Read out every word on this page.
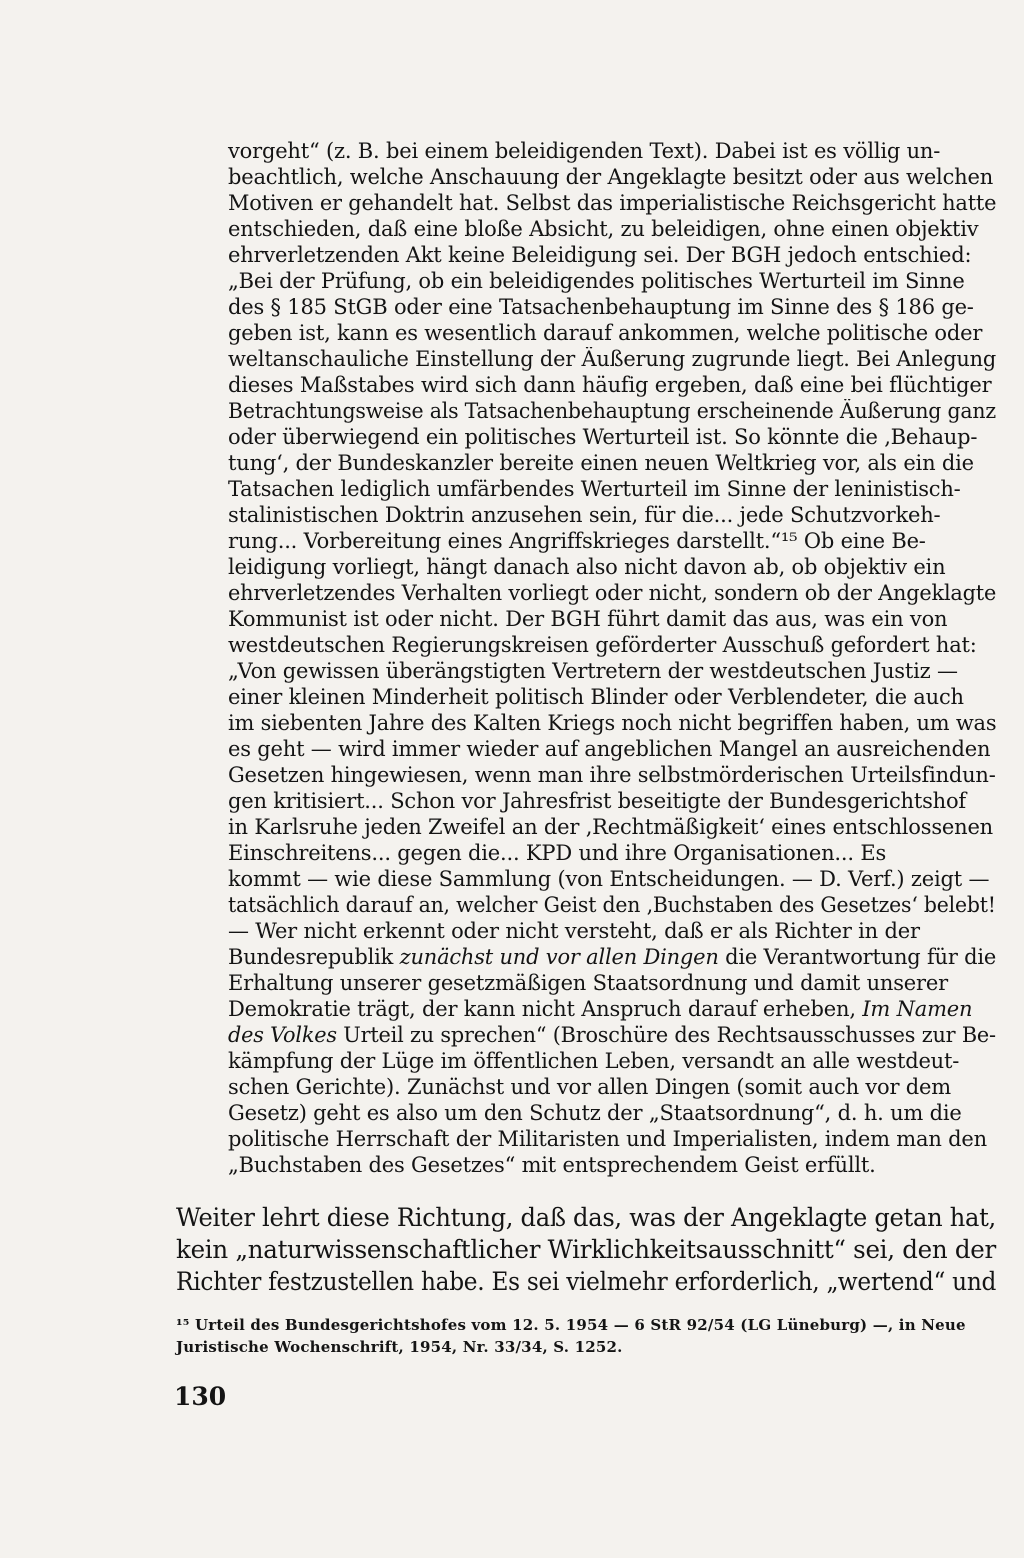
vorgeht“ (z. B. bei einem beleidigenden Text). Dabei ist es völlig un-
beachtlich, welche Anschauung der Angeklagte besitzt oder aus welchen
Motiven er gehandelt hat. Selbst das imperialistische Reichsgericht hatte
entschieden, daß eine bloße Absicht, zu beleidigen, ohne einen objektiv
ehrverletzenden Akt keine Beleidigung sei. Der BGH jedoch entschied:
„Bei der Prüfung, ob ein beleidigendes politisches Werturteil im Sinne
des § 185 StGB oder eine Tatsachenbehauptung im Sinne des § 186 ge-
geben ist, kann es wesentlich darauf ankommen, welche politische oder
weltanschauliche Einstellung der Äußerung zugrunde liegt. Bei Anlegung
dieses Maßstabes wird sich dann häufig ergeben, daß eine bei flüchtiger
Betrachtungsweise als Tatsachenbehauptung erscheinende Äußerung ganz
oder überwiegend ein politisches Werturteil ist. So könnte die ‚Behaup-
tung‘, der Bundeskanzler bereite einen neuen Weltkrieg vor, als ein die
Tatsachen lediglich umfärbendes Werturteil im Sinne der leninistisch-
stalinistischen Doktrin anzusehen sein, für die... jede Schutzvorkeh-
rung... Vorbereitung eines Angriffskrieges darstellt.“¹⁵ Ob eine Be-
leidigung vorliegt, hängt danach also nicht davon ab, ob objektiv ein
ehrverletzendes Verhalten vorliegt oder nicht, sondern ob der Angeklagte
Kommunist ist oder nicht. Der BGH führt damit das aus, was ein von
westdeutschen Regierungskreisen geförderter Ausschuß gefordert hat:
„Von gewissen überängstigten Vertretern der westdeutschen Justiz —
einer kleinen Minderheit politisch Blinder oder Verblendeter, die auch
im siebenten Jahre des Kalten Kriegs noch nicht begriffen haben, um was
es geht — wird immer wieder auf angeblichen Mangel an ausreichenden
Gesetzen hingewiesen, wenn man ihre selbstmörderischen Urteilsfindun-
gen kritisiert... Schon vor Jahresfrist beseitigte der Bundesgerichtshof
in Karlsruhe jeden Zweifel an der ‚Rechtmäßigkeit‘ eines entschlossenen
Einschreitens... gegen die... KPD und ihre Organisationen... Es
kommt — wie diese Sammlung (von Entscheidungen. — D. Verf.) zeigt —
tatsächlich darauf an, welcher Geist den ‚Buchstaben des Gesetzes‘ belebt!
— Wer nicht erkennt oder nicht versteht, daß er als Richter in der
Bundesrepublik zunächst und vor allen Dingen die Verantwortung für die
Erhaltung unserer gesetzmäßigen Staatsordnung und damit unserer
Demokratie trägt, der kann nicht Anspruch darauf erheben, Im Namen
des Volkes Urteil zu sprechen“ (Broschüre des Rechtsausschusses zur Be-
kämpfung der Lüge im öffentlichen Leben, versandt an alle westdeut-
schen Gerichte). Zunächst und vor allen Dingen (somit auch vor dem
Gesetz) geht es also um den Schutz der „Staatsordnung“, d. h. um die
politische Herrschaft der Militaristen und Imperialisten, indem man den
„Buchstaben des Gesetzes“ mit entsprechendem Geist erfüllt.
Weiter lehrt diese Richtung, daß das, was der Angeklagte getan hat,
kein „naturwissenschaftlicher Wirklichkeitsausschnitt“ sei, den der
Richter festzustellen habe. Es sei vielmehr erforderlich, „wertend“ und
¹⁵ Urteil des Bundesgerichtshofes vom 12. 5. 1954 — 6 StR 92/54 (LG Lüneburg) —, in Neue
Juristische Wochenschrift, 1954, Nr. 33/34, S. 1252.
130
